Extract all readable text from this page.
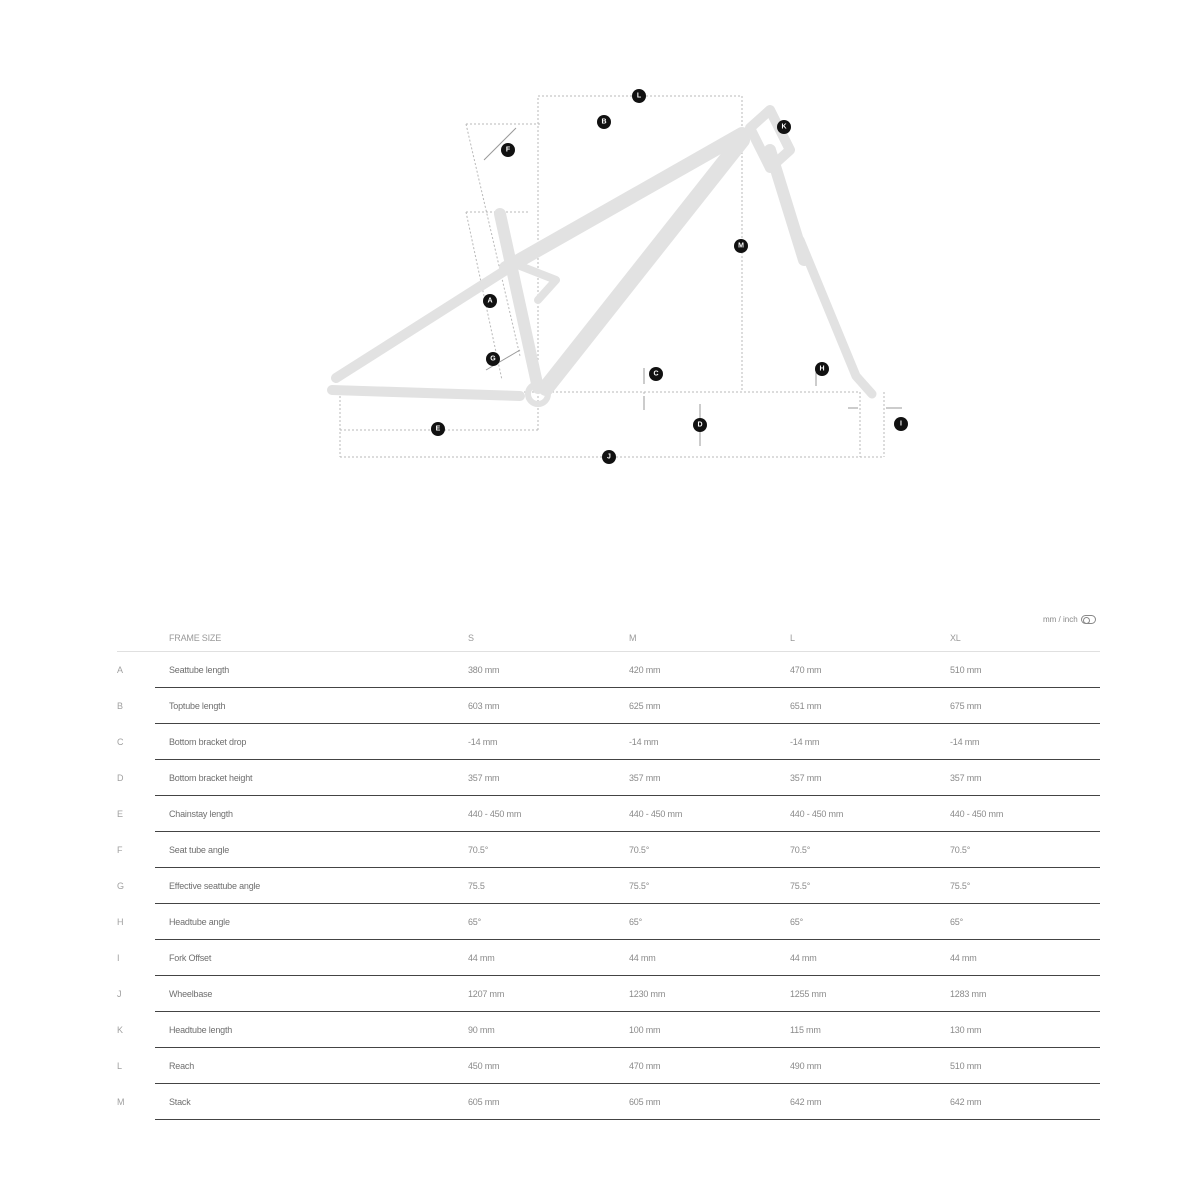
L
B
K
F
M
A
G
H
C
I
D
E
J
mm / inch
FRAME SIZE	S	M	L	XL
A	Seattube length	380 mm	420 mm	470 mm	510 mm
B	Toptube length	603 mm	625 mm	651 mm	675 mm
C	Bottom bracket drop	-14 mm	-14 mm	-14 mm	-14 mm
D	Bottom bracket height	357 mm	357 mm	357 mm	357 mm
E	Chainstay length	440 - 450 mm	440 - 450 mm	440 - 450 mm	440 - 450 mm
F	Seat tube angle	70.5°	70.5°	70.5°	70.5°
G	Effective seattube angle	75.5	75.5°	75.5°	75.5°
H	Headtube angle	65°	65°	65°	65°
I	Fork Offset	44 mm	44 mm	44 mm	44 mm
J	Wheelbase	1207 mm	1230 mm	1255 mm	1283 mm
K	Headtube length	90 mm	100 mm	115 mm	130 mm
L	Reach	450 mm	470 mm	490 mm	510 mm
M	Stack	605 mm	605 mm	642 mm	642 mm
